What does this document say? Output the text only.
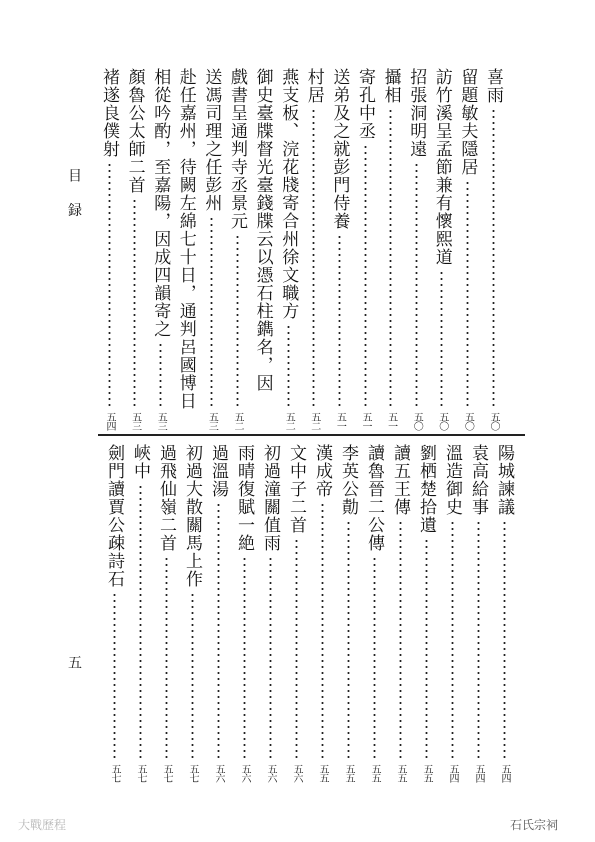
目 録
五
喜雨
五〇
留題敏夫隱居
五〇
訪竹溪呈孟節兼有懷熙道
五〇
招張洞明遠
五〇
攝相
五一
寄孔中丞
五一
送弟及之就彭門侍養
五一
村居
五二
燕支板、浣花牋寄合州徐文職方
五二
御史臺牒督光臺錢牒云以憑石柱鐫名，因
戲書呈通判寺丞景元
五二
送馮司理之任彭州
五三
赴任嘉州，待闕左綿七十日，通判呂國博日
相從吟酌，至嘉陽，因成四韻寄之
五三
顏魯公太師二首
五三
褚遂良僕射
五四
陽城諫議
五四
袁高給事
五四
溫造御史
五四
劉栖楚拾遺
五五
讀五王傳
五五
讀魯晉二公傳
五五
李英公勣
五五
漢成帝
五五
文中子二首
五六
初過潼關值雨
五六
雨晴復賦一絶
五六
過溫湯
五六
初過大散關馬上作
五七
過飛仙嶺二首
五七
峽中
五七
劍門讀賈公疎詩石
五七
大戰歷程	石氏宗祠
